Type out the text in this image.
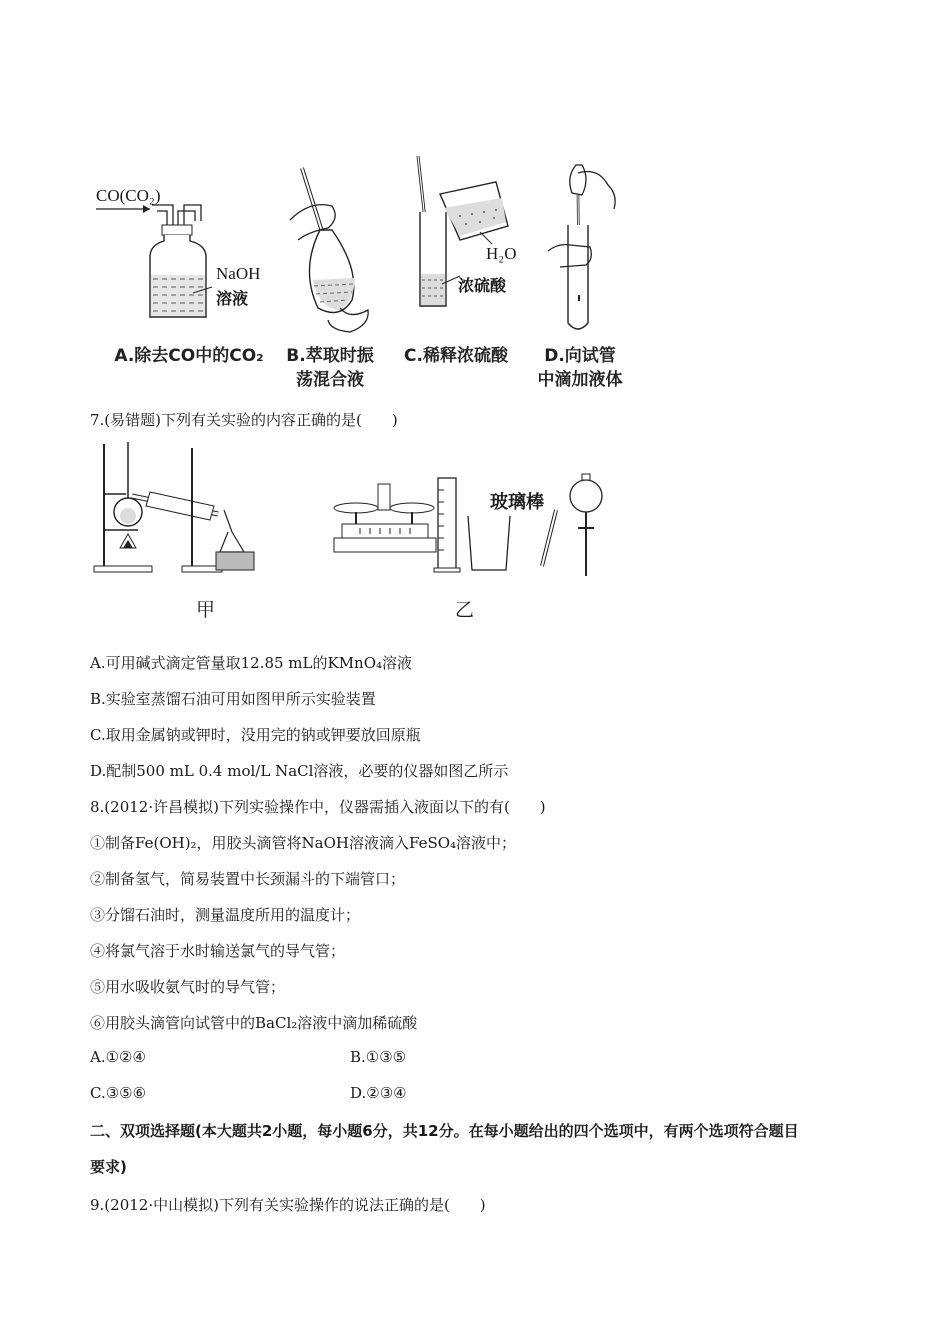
CO(CO₂)
NaOH
溶液
H₂O
浓硫酸
A.除去CO中的CO₂	B.萃取时振
荡混合液
C.稀释浓硫酸	D.向试管
中滴加液体
7.(易错题)下列有关实验的内容正确的是(　　)
甲
玻璃棒
乙
A.可用碱式滴定管量取12.85 mL的KMnO₄溶液
B.实验室蒸馏石油可用如图甲所示实验装置
C.取用金属钠或钾时，没用完的钠或钾要放回原瓶
D.配制500 mL 0.4 mol/L NaCl溶液，必要的仪器如图乙所示
8.(2012·许昌模拟)下列实验操作中，仪器需插入液面以下的有(　　)
①制备Fe(OH)₂，用胶头滴管将NaOH溶液滴入FeSO₄溶液中；
②制备氢气，简易装置中长颈漏斗的下端管口；
③分馏石油时，测量温度所用的温度计；
④将氯气溶于水时输送氯气的导气管；
⑤用水吸收氨气时的导气管；
⑥用胶头滴管向试管中的BaCl₂溶液中滴加稀硫酸
A.①②④	B.①③⑤
C.③⑤⑥	D.②③④
二、双项选择题(本大题共2小题，每小题6分，共12分。在每小题给出的四个选项中，有两个选项符合题目
要求)
9.(2012·中山模拟)下列有关实验操作的说法正确的是(　　)
